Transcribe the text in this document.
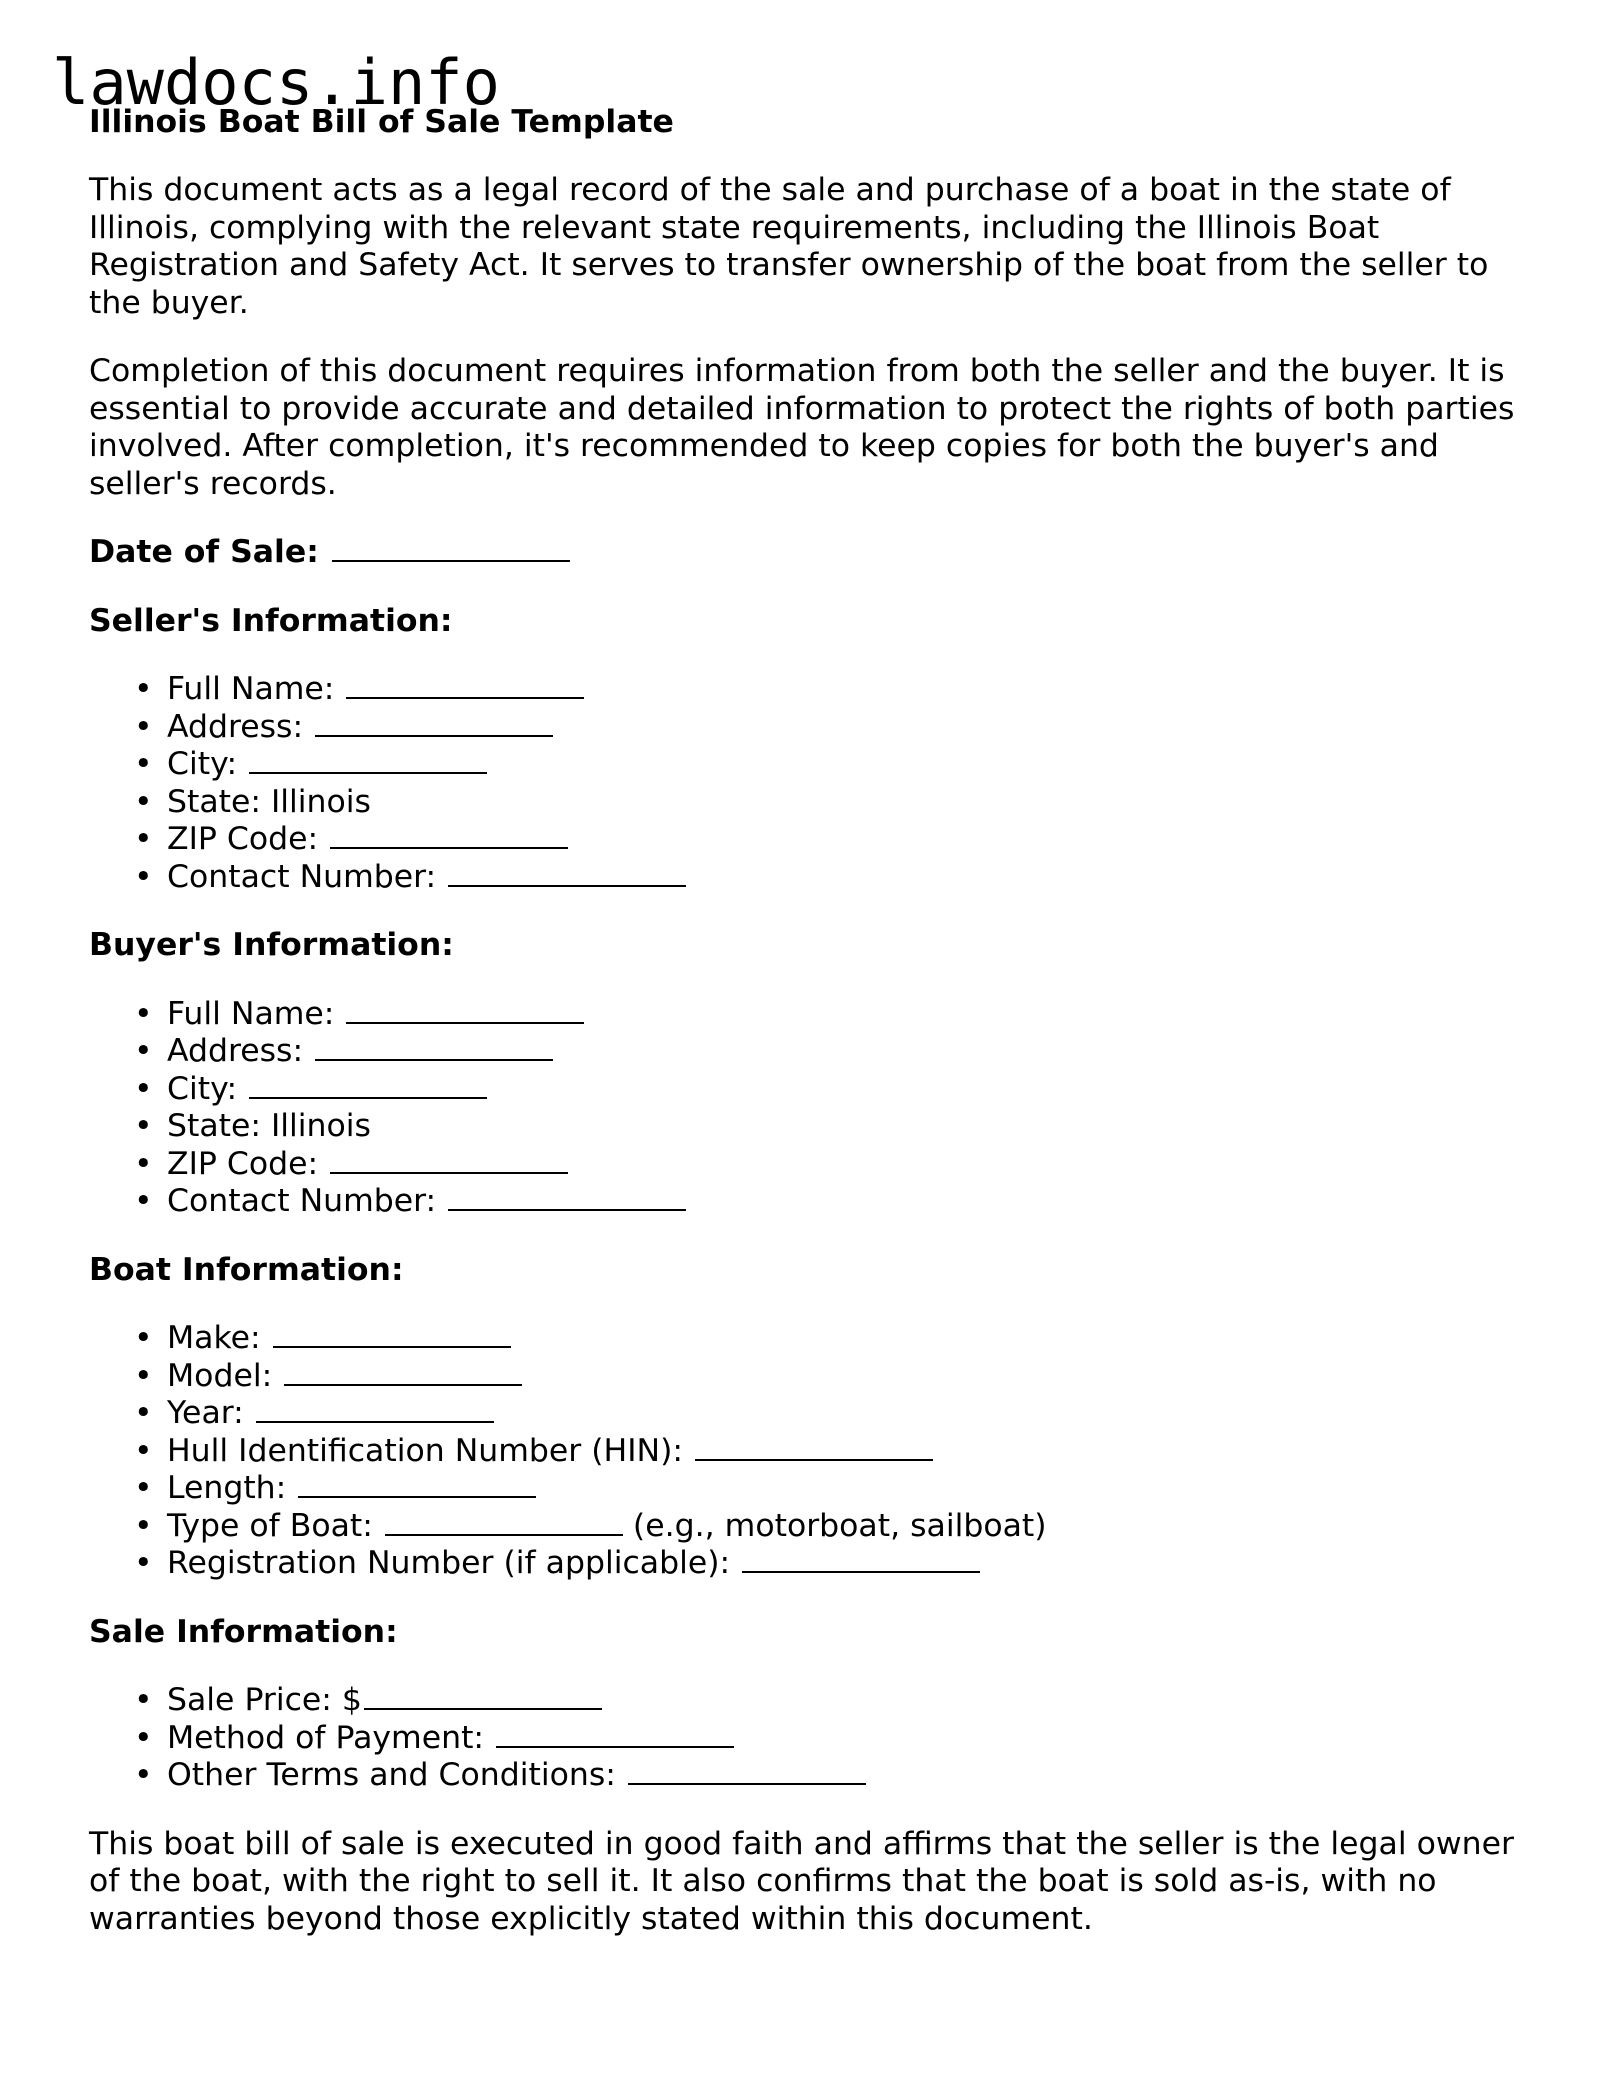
lawdocs.info
Illinois Boat Bill of Sale Template

This document acts as a legal record of the sale and purchase of a boat in the state of Illinois, complying with the relevant state requirements, including the Illinois Boat Registration and Safety Act. It serves to transfer ownership of the boat from the seller to the buyer.

Completion of this document requires information from both the seller and the buyer. It is essential to provide accurate and detailed information to protect the rights of both parties involved. After completion, it's recommended to keep copies for both the buyer's and seller's records.

Date of Sale:
Seller's Information:
• Full Name:
• Address:
• City:
• State: Illinois
• ZIP Code:
• Contact Number:
Buyer's Information:
• Full Name:
• Address:
• City:
• State: Illinois
• ZIP Code:
• Contact Number:
Boat Information:
• Make:
• Model:
• Year:
• Hull Identification Number (HIN):
• Length:
• Type of Boat:	(e.g., motorboat, sailboat)
• Registration Number (if applicable):
Sale Information:
• Sale Price: $
• Method of Payment:
• Other Terms and Conditions:

This boat bill of sale is executed in good faith and affirms that the seller is the legal owner of the boat, with the right to sell it. It also confirms that the boat is sold as-is, with no warranties beyond those explicitly stated within this document.
